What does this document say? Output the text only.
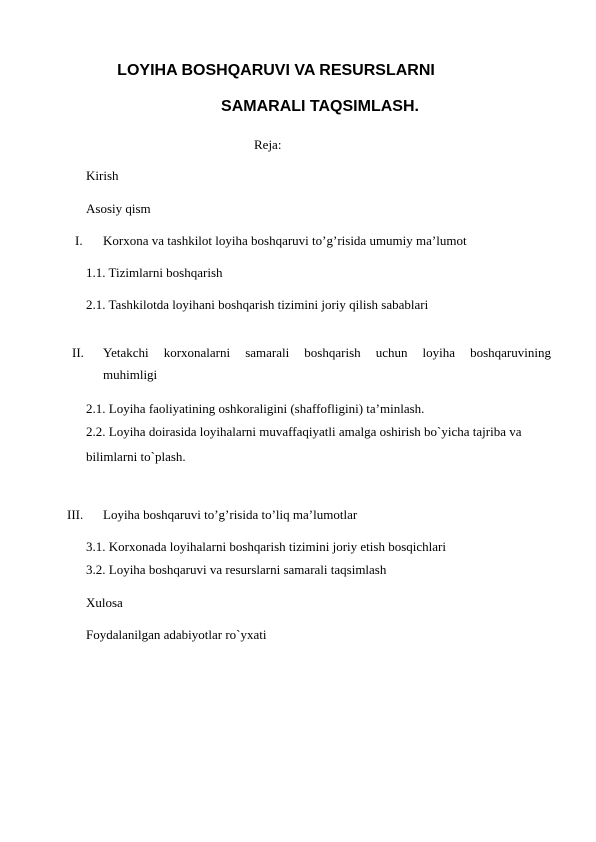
LOYIHA BOSHQARUVI VA RESURSLARNI
SAMARALI TAQSIMLASH.
Reja:
Kirish
Asosiy qism
I. Korxona va tashkilot loyiha boshqaruvi to’g’risida umumiy ma’lumot
1.1. Tizimlarni boshqarish
2.1. Tashkilotda loyihani boshqarish tizimini joriy qilish sabablari
II. Yetakchi korxonalarni samarali boshqarish uchun loyiha boshqaruvining
muhimligi
2.1. Loyiha faoliyatining oshkoraligini (shaffofligini) ta’minlash.
2.2. Loyiha doirasida loyihalarni muvaffaqiyatli amalga oshirish bo`yicha tajriba va
bilimlarni to`plash.
III. Loyiha boshqaruvi to’g’risida to’liq ma’lumotlar
3.1. Korxonada loyihalarni boshqarish tizimini joriy etish bosqichlari
3.2. Loyiha boshqaruvi va resurslarni samarali taqsimlash
Xulosa
Foydalanilgan adabiyotlar ro`yxati
